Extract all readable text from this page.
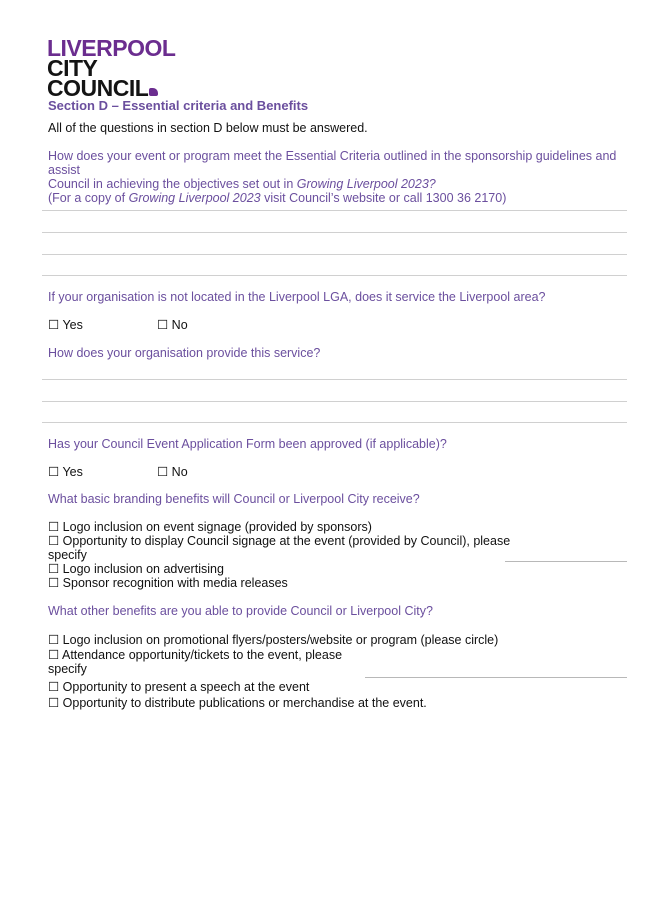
LIVERPOOL
CITY
COUNCIL
Section D – Essential criteria and Benefits
All of the questions in section D below must be answered.
How does your event or program meet the Essential Criteria outlined in the sponsorship guidelines and assist
Council in achieving the objectives set out in Growing Liverpool 2023?
(For a copy of Growing Liverpool 2023 visit Council’s website or call 1300 36 2170)
If your organisation is not located in the Liverpool LGA, does it service the Liverpool area?
☐ Yes	☐ No
How does your organisation provide this service?
Has your Council Event Application Form been approved (if applicable)?
☐ Yes	☐ No
What basic branding benefits will Council or Liverpool City receive?
☐ Logo inclusion on event signage (provided by sponsors)
☐ Opportunity to display Council signage at the event (provided by Council), please
specify
☐ Logo inclusion on advertising
☐ Sponsor recognition with media releases
What other benefits are you able to provide Council or Liverpool City?
☐ Logo inclusion on promotional flyers/posters/website or program (please circle)
☐ Attendance opportunity/tickets to the event, please
specify
☐ Opportunity to present a speech at the event
☐ Opportunity to distribute publications or merchandise at the event.
